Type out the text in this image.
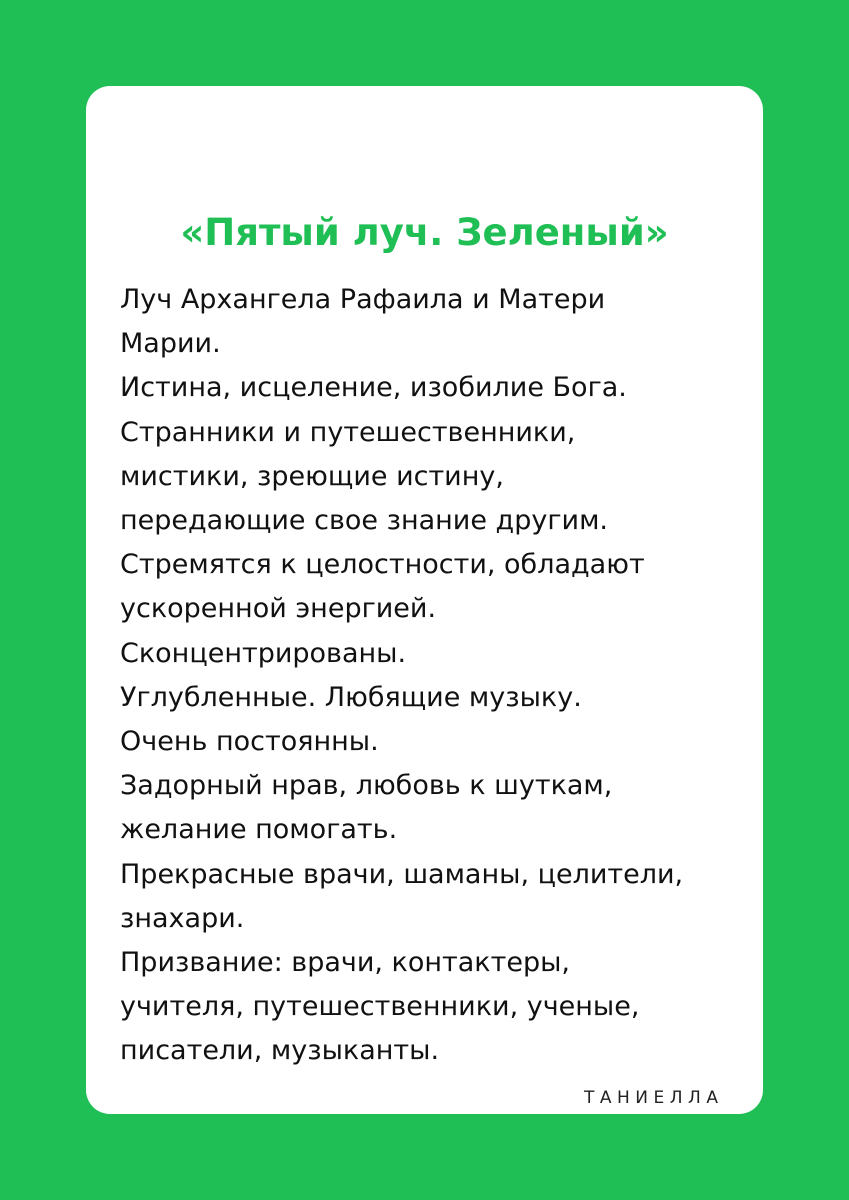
«Пятый луч. Зеленый»
Луч Архангела Рафаила и Матери
Марии.
Истина, исцеление, изобилие Бога.
Странники и путешественники,
мистики, зреющие истину,
передающие свое знание другим.
Стремятся к целостности, обладают
ускоренной энергией.
Сконцентрированы.
Углубленные. Любящие музыку.
Очень постоянны.
Задорный нрав, любовь к шуткам,
желание помогать.
Прекрасные врачи, шаманы, целители,
знахари.
Призвание: врачи, контактеры,
учителя, путешественники, ученые,
писатели, музыканты.
ТАНИЕЛЛА
